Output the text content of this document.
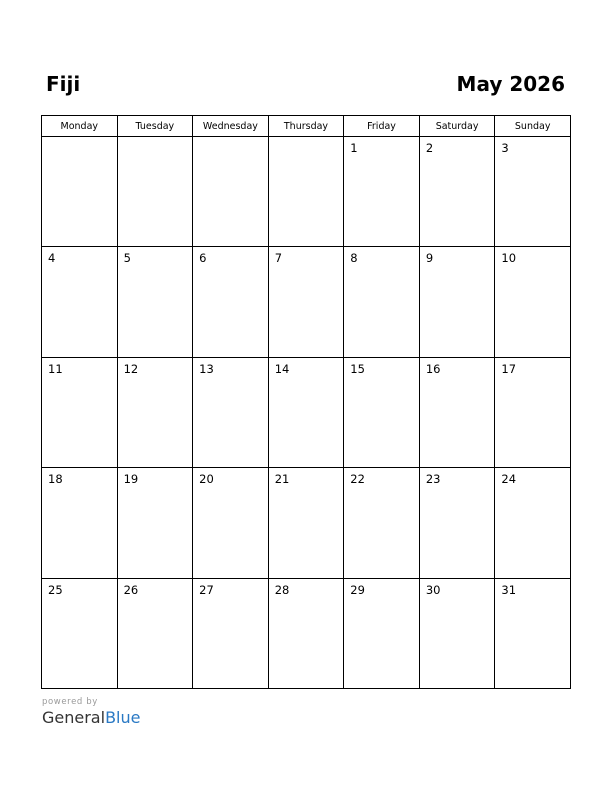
Fiji	May 2026
Monday	Tuesday	Wednesday	Thursday	Friday	Saturday	Sunday

				1	2	3

4	5	6	7	8	9	10

11	12	13	14	15	16	17

18	19	20	21	22	23	24

25	26	27	28	29	30	31
powered by
GeneralBlue
